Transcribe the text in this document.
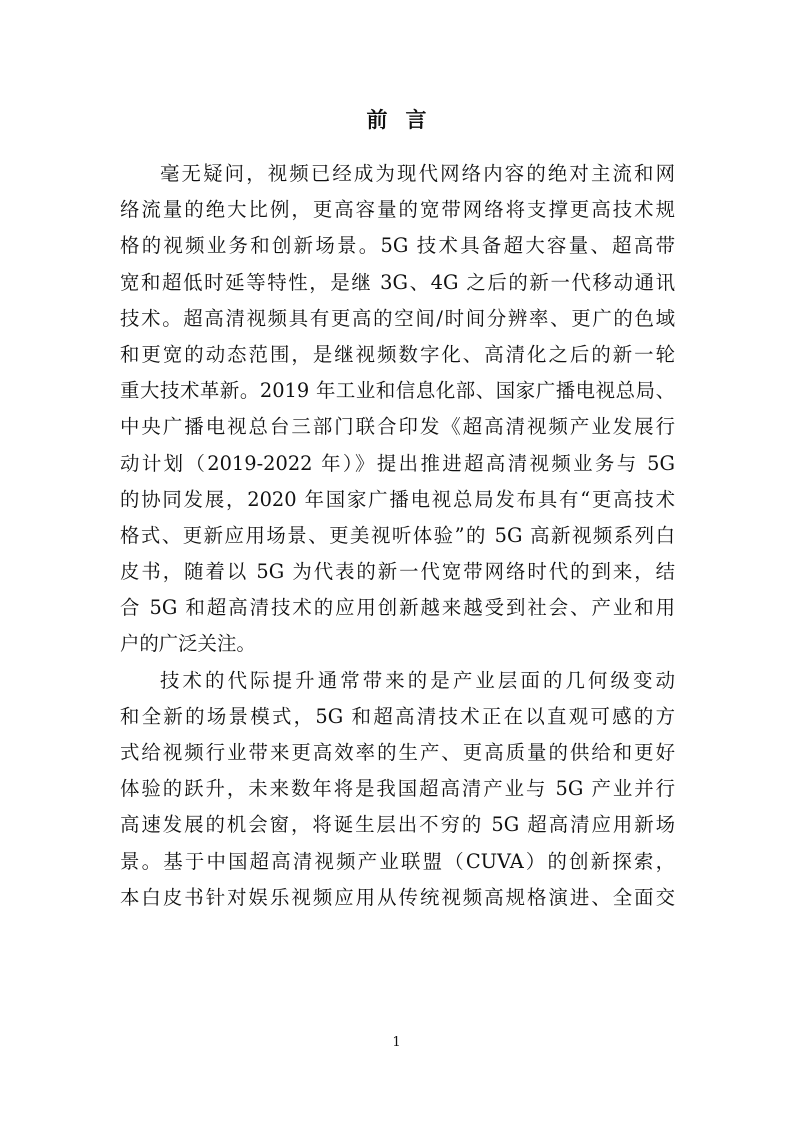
前言
毫无疑问，视频已经成为现代网络内容的绝对主流和网
络流量的绝大比例，更高容量的宽带网络将支撑更高技术规
格的视频业务和创新场景。5G 技术具备超大容量、超高带
宽和超低时延等特性，是继 3G、4G 之后的新一代移动通讯
技术。超高清视频具有更高的空间/时间分辨率、更广的色域
和更宽的动态范围，是继视频数字化、高清化之后的新一轮
重大技术革新。2019 年工业和信息化部、国家广播电视总局、
中央广播电视总台三部门联合印发《超高清视频产业发展行
动计划（2019-2022 年）》提出推进超高清视频业务与 5G
的协同发展，2020 年国家广播电视总局发布具有“更高技术
格式、更新应用场景、更美视听体验”的 5G 高新视频系列白
皮书，随着以 5G 为代表的新一代宽带网络时代的到来，结
合 5G 和超高清技术的应用创新越来越受到社会、产业和用
户的广泛关注。
技术的代际提升通常带来的是产业层面的几何级变动
和全新的场景模式，5G 和超高清技术正在以直观可感的方
式给视频行业带来更高效率的生产、更高质量的供给和更好
体验的跃升，未来数年将是我国超高清产业与 5G 产业并行
高速发展的机会窗，将诞生层出不穷的 5G 超高清应用新场
景。基于中国超高清视频产业联盟（CUVA）的创新探索，
本白皮书针对娱乐视频应用从传统视频高规格演进、全面交
1
